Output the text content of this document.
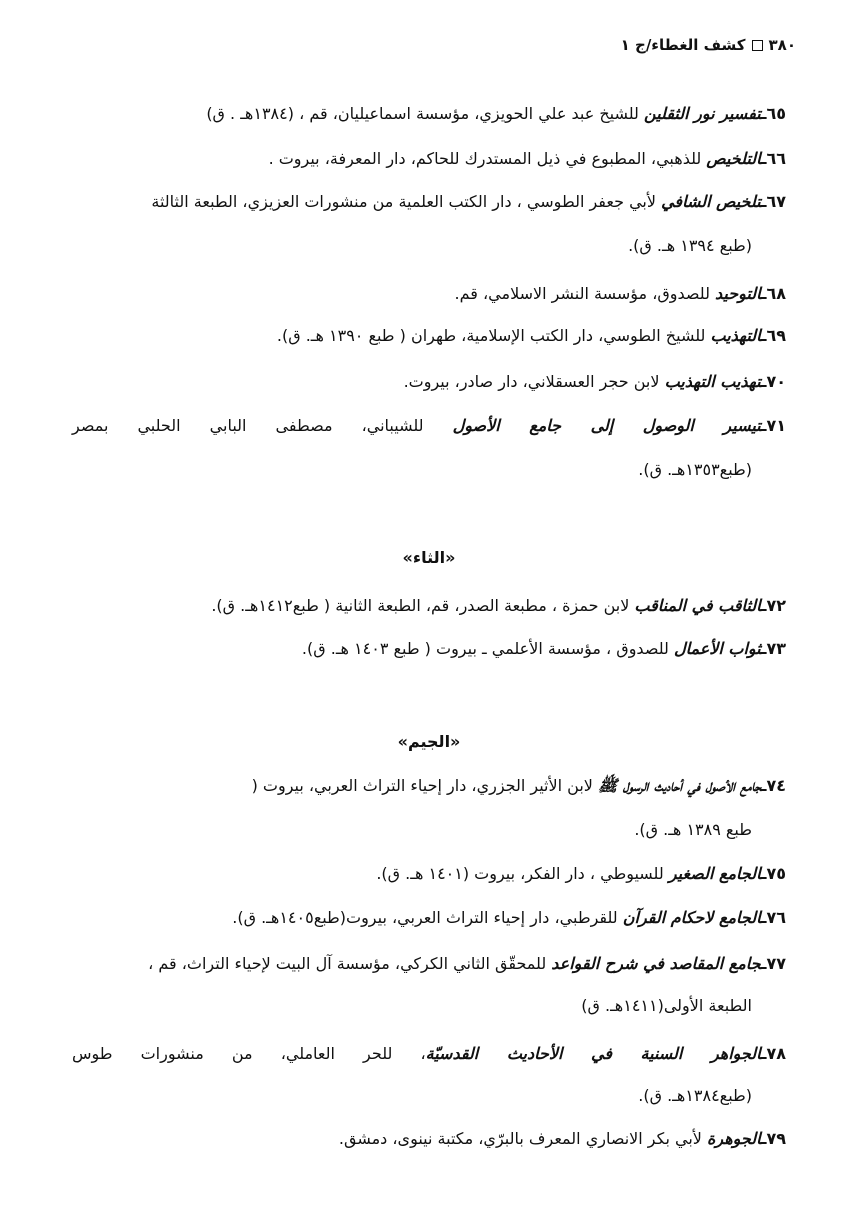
٣٨٠كشف الغطاء/ج ١
٦٥ـتفسير نور الثقلين للشيخ عبد علي الحويزي، مؤسسة اسماعيليان، قم ، (١٣٨٤هـ . ق)
٦٦ـالتلخيص للذهبي، المطبوع في ذيل المستدرك للحاكم، دار المعرفة، بيروت .
٦٧ـتلخيص الشافي لأبي جعفر الطوسي ، دار الكتب العلمية من منشورات العزيزي، الطبعة الثالثة
(طبع ١٣٩٤ هـ. ق).
٦٨ـالتوحيد للصدوق، مؤسسة النشر الاسلامي، قم.
٦٩ـالتهذيب للشيخ الطوسي، دار الكتب الإسلامية، طهران ( طبع ١٣٩٠ هـ. ق).
٧٠ـتهذيب التهذيب لابن حجر العسقلاني، دار صادر، بيروت.
٧١ـتيسير الوصول إلى جامع الأصول للشيباني، مصطفى البابي الحلبي بمصر
(طبع١٣٥٣هـ. ق).
«الثاء»
٧٢ـالثاقب في المناقب لابن حمزة ، مطبعة الصدر، قم، الطبعة الثانية ( طبع١٤١٢هـ. ق).
٧٣ـثواب الأعمال للصدوق ، مؤسسة الأعلمي ـ بيروت ( طبع ١٤٠٣ هـ. ق).
«الجيم»
٧٤ـجامع الأصول في أحاديث الرسول ﷺ لابن الأثير الجزري، دار إحياء التراث العربي، بيروت (
طبع ١٣٨٩ هـ. ق).
٧٥ـالجامع الصغير للسيوطي ، دار الفكر، بيروت (١٤٠١ هـ. ق).
٧٦ـالجامع لاحكام القرآن للقرطبي، دار إحياء التراث العربي، بيروت(طبع١٤٠٥هـ. ق).
٧٧ـجامع المقاصد في شرح القواعد للمحقّق الثاني الكركي، مؤسسة آل البيت لإحياء التراث، قم ،
الطبعة الأولى(١٤١١هـ. ق)
٧٨ـالجواهر السنية في الأحاديث القدسيّة، للحر العاملي، من منشورات طوس
(طبع١٣٨٤هـ. ق).
٧٩ـالجوهرة لأبي بكر الانصاري المعرف بالبرّي، مكتبة نينوى، دمشق.
